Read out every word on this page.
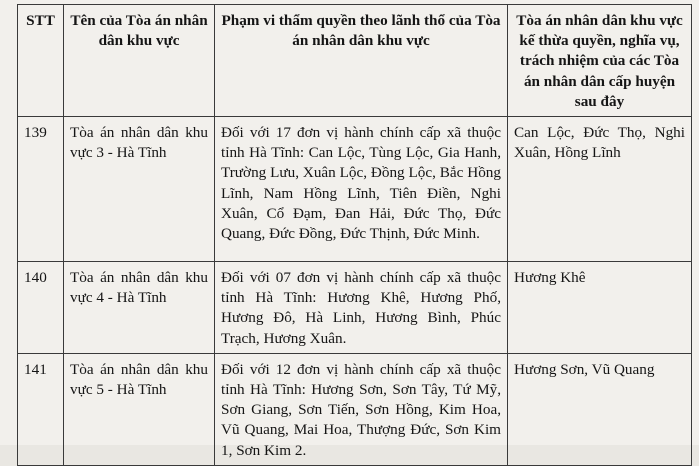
STT	Tên của Tòa án nhân dân khu vực	Phạm vi thẩm quyền theo lãnh thổ của Tòa án nhân dân khu vực	Tòa án nhân dân khu vực kế thừa quyền, nghĩa vụ, trách nhiệm của các Tòa án nhân dân cấp huyện sau đây
139	Tòa án nhân dân khu vực 3 - Hà Tĩnh	Đối với 17 đơn vị hành chính cấp xã thuộc tỉnh Hà Tĩnh: Can Lộc, Tùng Lộc, Gia Hanh, Trường Lưu, Xuân Lộc, Đồng Lộc, Bắc Hồng Lĩnh, Nam Hồng Lĩnh, Tiên Điền, Nghi Xuân, Cổ Đạm, Đan Hải, Đức Thọ, Đức Quang, Đức Đồng, Đức Thịnh, Đức Minh.	Can Lộc, Đức Thọ, Nghi Xuân, Hồng Lĩnh
140	Tòa án nhân dân khu vực 4 - Hà Tĩnh	Đối với 07 đơn vị hành chính cấp xã thuộc tỉnh Hà Tĩnh: Hương Khê, Hương Phố, Hương Đô, Hà Linh, Hương Bình, Phúc Trạch, Hương Xuân.	Hương Khê
141	Tòa án nhân dân khu vực 5 - Hà Tĩnh	Đối với 12 đơn vị hành chính cấp xã thuộc tỉnh Hà Tĩnh: Hương Sơn, Sơn Tây, Tứ Mỹ, Sơn Giang, Sơn Tiến, Sơn Hồng, Kim Hoa, Vũ Quang, Mai Hoa, Thượng Đức, Sơn Kim 1, Sơn Kim 2.	Hương Sơn, Vũ Quang
